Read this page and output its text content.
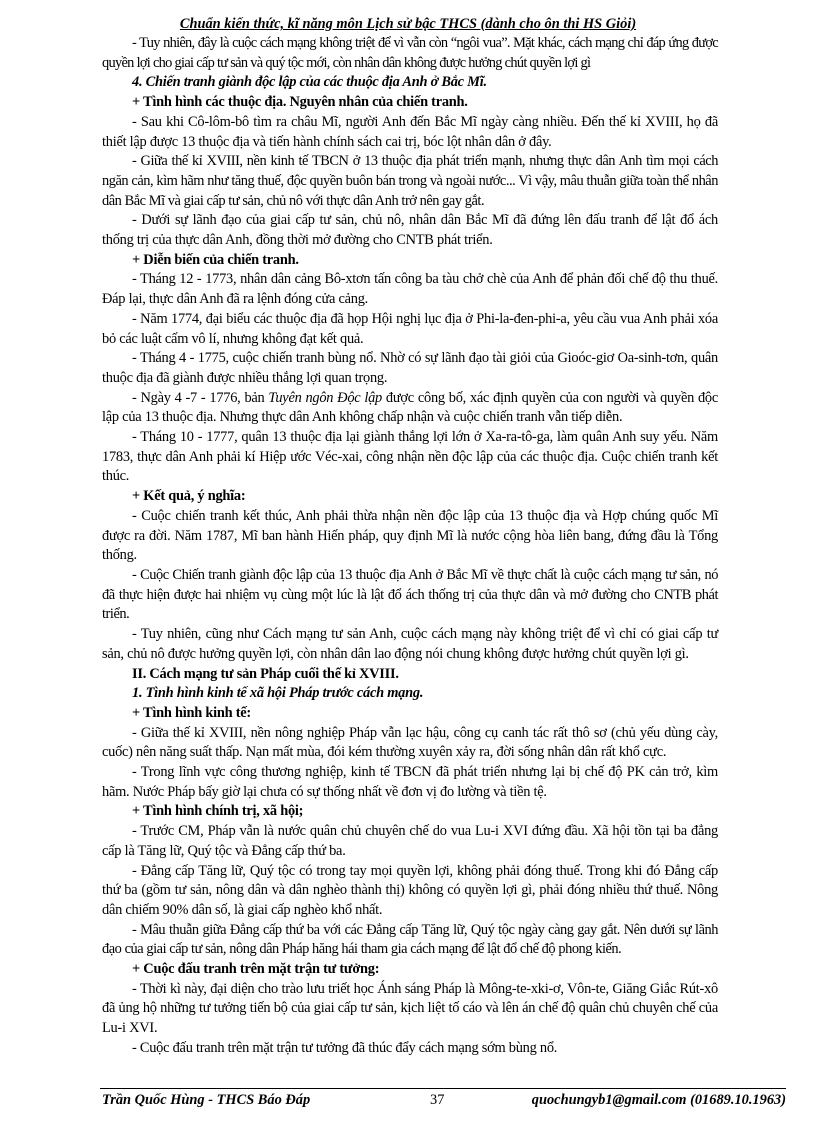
Chuẩn kiến thức, kĩ năng môn Lịch sử bậc THCS (dành cho ôn thi HS Giỏi)

- Tuy nhiên, đây là cuộc cách mạng không triệt để vì vẫn còn “ngôi vua”. Mặt khác, cách mạng chỉ đáp ứng được quyền lợi cho giai cấp tư sản và quý tộc mới, còn nhân dân không được hưởng chút quyền lợi gì

4. Chiến tranh giành độc lập của các thuộc địa Anh ở Bắc Mĩ.

+ Tình hình các thuộc địa. Nguyên nhân của chiến tranh.

- Sau khi Cô-lôm-bô tìm ra châu Mĩ, người Anh đến Bắc Mĩ ngày càng nhiều. Đến thế kỉ XVIII, họ đã thiết lập được 13 thuộc địa và tiến hành chính sách cai trị, bóc lột nhân dân ở đây.

- Giữa thế kỉ XVIII, nền kinh tế TBCN ở 13 thuộc địa phát triển mạnh, nhưng thực dân Anh tìm mọi cách ngăn cản, kìm hãm như tăng thuế, độc quyền buôn bán trong và ngoài nước... Vì vậy, mâu thuẫn giữa toàn thể nhân dân Bắc Mĩ và giai cấp tư sản, chủ nô với thực dân Anh trở nên gay gắt.

- Dưới sự lãnh đạo của giai cấp tư sản, chủ nô, nhân dân Bắc Mĩ đã đứng lên đấu tranh để lật đổ ách thống trị của thực dân Anh, đồng thời mở đường cho CNTB phát triển.

+ Diễn biến của chiến tranh.

- Tháng 12 - 1773, nhân dân cảng Bô-xtơn tấn công ba tàu chở chè của Anh để phản đối chế độ thu thuế. Đáp lại, thực dân Anh đã ra lệnh đóng cửa cảng.

- Năm 1774, đại biểu các thuộc địa đã họp Hội nghị lục địa ở Phi-la-đen-phi-a, yêu cầu vua Anh phải xóa bỏ các luật cấm vô lí, nhưng không đạt kết quả.

- Tháng 4 - 1775, cuộc chiến tranh bùng nổ. Nhờ có sự lãnh đạo tài giỏi của Gioóc-giơ Oa-sinh-tơn, quân thuộc địa đã giành được nhiều thắng lợi quan trọng.

- Ngày 4 -7 - 1776, bản Tuyên ngôn Độc lập được công bố, xác định quyền của con người và quyền độc lập của 13 thuộc địa. Nhưng thực dân Anh không chấp nhận và cuộc chiến tranh vẫn tiếp diễn.

- Tháng 10 - 1777, quân 13 thuộc địa lại giành thắng lợi lớn ở Xa-ra-tô-ga, làm quân Anh suy yếu. Năm 1783, thực dân Anh phải kí Hiệp ước Véc-xai, công nhận nền độc lập của các thuộc địa. Cuộc chiến tranh kết thúc.

+ Kết quả, ý nghĩa:

- Cuộc chiến tranh kết thúc, Anh phải thừa nhận nền độc lập của 13 thuộc địa và Hợp chúng quốc Mĩ được ra đời. Năm 1787, Mĩ ban hành Hiến pháp, quy định Mĩ là nước cộng hòa liên bang, đứng đầu là Tổng thống.

- Cuộc Chiến tranh giành độc lập của 13 thuộc địa Anh ở Bắc Mĩ về thực chất là cuộc cách mạng tư sản, nó đã thực hiện được hai nhiệm vụ cùng một lúc là lật đổ ách thống trị của thực dân và mở đường cho CNTB phát triển.

- Tuy nhiên, cũng như Cách mạng tư sản Anh, cuộc cách mạng này không triệt để vì chỉ có giai cấp tư sản, chủ nô được hưởng quyền lợi, còn nhân dân lao động nói chung không được hưởng chút quyền lợi gì.

II. Cách mạng tư sản Pháp cuối thế kỉ XVIII.

1. Tình hình kinh tế xã hội Pháp trước cách mạng.

+ Tình hình kinh tế:

- Giữa thế kỉ XVIII, nền nông nghiệp Pháp vẫn lạc hậu, công cụ canh tác rất thô sơ (chủ yếu dùng cày, cuốc) nên năng suất thấp. Nạn mất mùa, đói kém thường xuyên xảy ra, đời sống nhân dân rất khổ cực.

- Trong lĩnh vực công thương nghiệp, kinh tế TBCN đã phát triển nhưng lại bị chế độ PK cản trở, kìm hãm. Nước Pháp bấy giờ lại chưa có sự thống nhất về đơn vị đo lường và tiền tệ.

+ Tình hình chính trị, xã hội;

- Trước CM, Pháp vẫn là nước quân chủ chuyên chế do vua Lu-i XVI đứng đầu. Xã hội tồn tại ba đẳng cấp là Tăng lữ, Quý tộc và Đẳng cấp thứ ba.

- Đẳng cấp Tăng lữ, Quý tộc có trong tay mọi quyền lợi, không phải đóng thuế. Trong khi đó Đẳng cấp thứ ba (gồm tư sản, nông dân và dân nghèo thành thị) không có quyền lợi gì, phải đóng nhiều thứ thuế. Nông dân chiếm 90% dân số, là giai cấp nghèo khổ nhất.

- Mâu thuẫn giữa Đẳng cấp thứ ba với các Đẳng cấp Tăng lữ, Quý tộc ngày càng gay gắt. Nên dưới sự lãnh đạo của giai cấp tư sản, nông dân Pháp hăng hái tham gia cách mạng để lật đổ chế độ phong kiến.

+ Cuộc đấu tranh trên mặt trận tư tưởng:

- Thời kì này, đại diện cho trào lưu triết học Ánh sáng Pháp là Mông-te-xki-ơ, Vôn-te, Giăng Giắc Rút-xô đã ủng hộ những tư tưởng tiến bộ của giai cấp tư sản, kịch liệt tố cáo và lên án chế độ quân chủ chuyên chế của Lu-i XVI.

- Cuộc đấu tranh trên mặt trận tư tưởng đã thúc đẩy cách mạng sớm bùng nổ.

Trần Quốc Hùng - THCS Báo Đáp	37	quochungyb1@gmail.com (01689.10.1963)
